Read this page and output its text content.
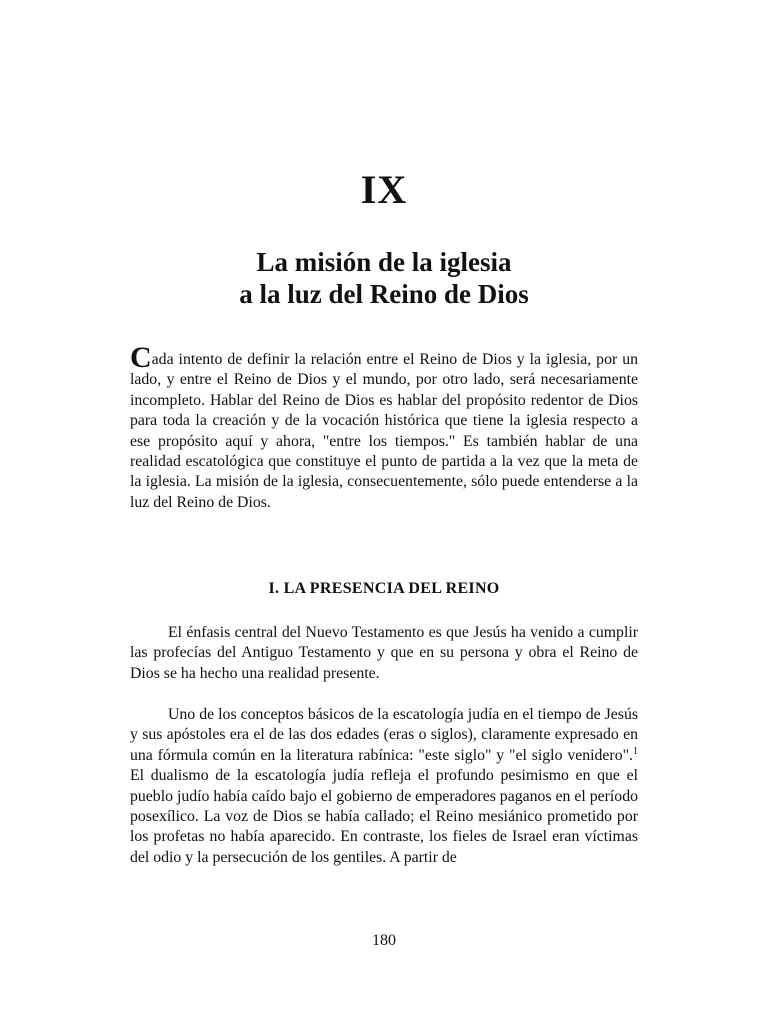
IX
La misión de la iglesia
a la luz del Reino de Dios

Cada intento de definir la relación entre el Reino de Dios y la iglesia, por un lado, y entre el Reino de Dios y el mundo, por otro lado, será necesariamente incompleto. Hablar del Reino de Dios es hablar del propósito redentor de Dios para toda la creación y de la vocación histórica que tiene la iglesia respecto a ese propósito aquí y ahora, "entre los tiempos." Es también hablar de una realidad escatológica que constituye el punto de partida a la vez que la meta de la iglesia. La misión de la iglesia, consecuentemente, sólo puede entenderse a la luz del Reino de Dios.

I. LA PRESENCIA DEL REINO

El énfasis central del Nuevo Testamento es que Jesús ha venido a cumplir las profecías del Antiguo Testamento y que en su persona y obra el Reino de Dios se ha hecho una realidad presente.

Uno de los conceptos básicos de la escatología judía en el tiempo de Jesús y sus apóstoles era el de las dos edades (eras o siglos), claramente expresado en una fórmula común en la literatura rabínica: "este siglo" y "el siglo venidero".$^1$ El dualismo de la escatología judía refleja el profundo pesimismo en que el pueblo judío había caído bajo el gobierno de emperadores paganos en el período posexílico. La voz de Dios se había callado; el Reino mesiánico prometido por los profetas no había aparecido. En contraste, los fieles de Israel eran víctimas del odio y la persecución de los gentiles. A partir de

180
